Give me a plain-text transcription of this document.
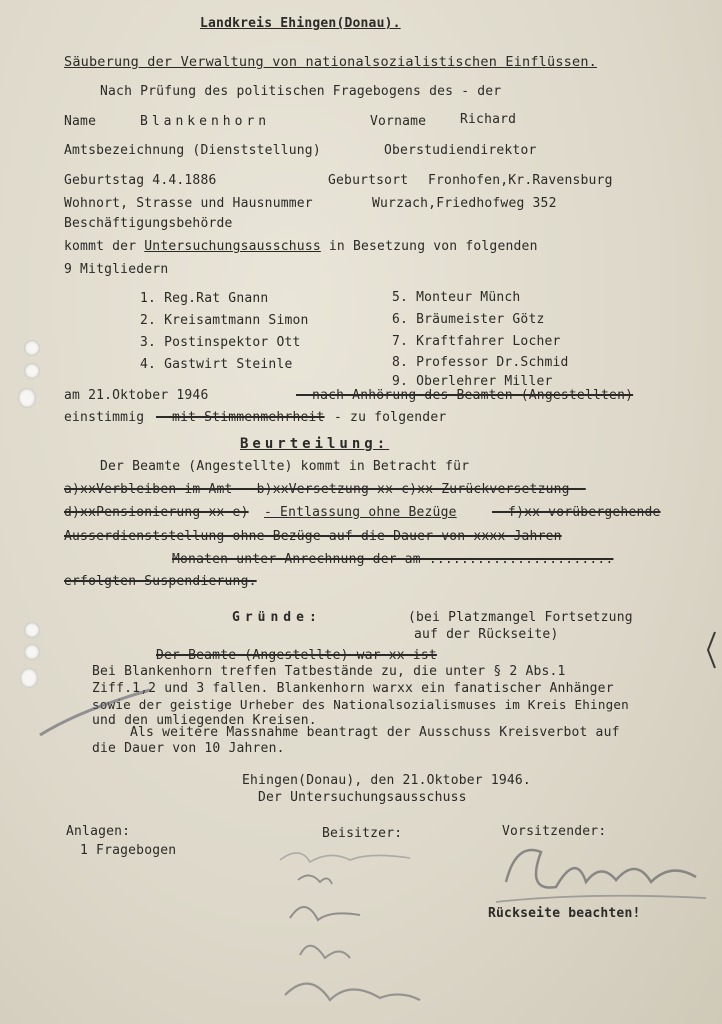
Landkreis Ehingen(Donau).
Säuberung der Verwaltung von nationalsozialistischen Einflüssen.
Nach Prüfung des politischen Fragebogens des - der
Name	Blankenhorn	Vorname	Richard
Amtsbezeichnung (Dienststellung)	Oberstudiendirektor
Geburtstag 4.4.1886	Geburtsort Fronhofen,Kr.Ravensburg
Wohnort, Strasse und Hausnummer	Wurzach,Friedhofweg 352
Beschäftigungsbehörde
kommt der Untersuchungsausschuss in Besetzung von folgenden
9 Mitgliedern
1. Reg.Rat Gnann
2. Kreisamtmann Simon
3. Postinspektor Ott
4. Gastwirt Steinle
5. Monteur Münch
6. Bräumeister Götz
7. Kraftfahrer Locher
8. Professor Dr.Schmid
9. Oberlehrer Miller
am 21.Oktober 1946	- nach Anhörung des Beamten (Angestellten)
einstimmig - mit Stimmenmehrheit - zu folgender
Beurteilung:
Der Beamte (Angestellte) kommt in Betracht für
a)xxVerbleiben im Amt - b)xxVersetzung xx c)xx Zurückversetzung -
d)xxPensionierung xx e) - Entlassung ohne Bezüge	- f)xx vorübergehende
Ausserdienststellung ohne Bezüge auf die Dauer von xxxx Jahren
Monaten unter Anrechnung der am .......................
erfolgten Suspendierung.
Gründe:	(bei Platzmangel Fortsetzung
auf der Rückseite)
Der Beamte (Angestellte) war xx ist
Bei Blankenhorn treffen Tatbestände zu, die unter § 2 Abs.1
Ziff.1,2 und 3 fallen. Blankenhorn warxx ein fanatischer Anhänger
sowie der geistige Urheber des Nationalsozialismuses im Kreis Ehingen
und den umliegenden Kreisen.
Als weitere Massnahme beantragt der Ausschuss Kreisverbot auf
die Dauer von 10 Jahren.
Ehingen(Donau), den 21.Oktober 1946.
Der Untersuchungsausschuss
Anlagen:
1 Fragebogen
Beisitzer:	Vorsitzender:
Rückseite beachten!
